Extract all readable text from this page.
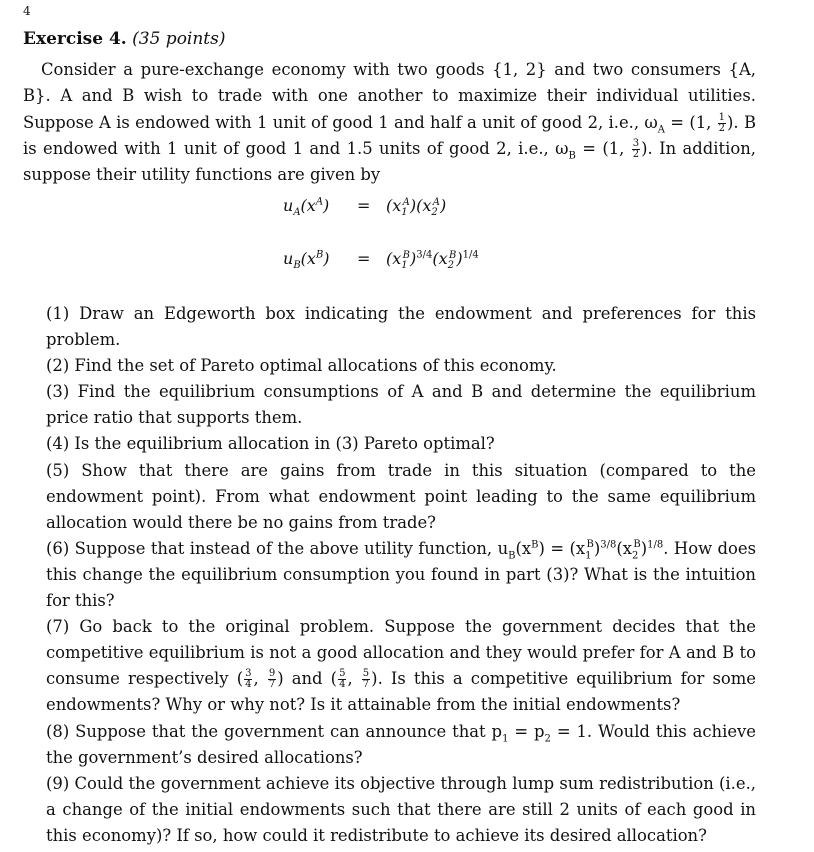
4
Exercise 4. (35 points)
Consider a pure-exchange economy with two goods {1, 2} and two consumers {A, B}. A and B wish to trade with one another to maximize their individual utilities. Suppose A is endowed with 1 unit of good 1 and half a unit of good 2, i.e., $\omega_A = (1$, $\frac{1}{2}$ ). B is endowed with 1 unit of good 1 and 1.5 units of good 2, i.e., $\omega_B = (1$, $\frac{3}{2}$ ). In addition, suppose their utility functions are given by
$u_A(x^A) = (x_1^A)(x_2^A)$
$u_B(x^B) = (x_1^B)^{3/4}(x_2^B)^{1/4}$

(1) Draw an Edgeworth box indicating the endowment and preferences for this problem.

(2) Find the set of Pareto optimal allocations of this economy.

(3) Find the equilibrium consumptions of A and B and determine the equilibrium price ratio that supports them.

(4) Is the equilibrium allocation in (3) Pareto optimal?

(5) Show that there are gains from trade in this situation (compared to the endowment point). From what endowment point leading to the same equilibrium allocation would there be no gains from trade?

(6) Suppose that instead of the above utility function, $u_B(x^B) = (x_1^B)^{3/8}(x_2^B)^{1/8}$. How does this change the equilibrium consumption you found in part (3)? What is the intuition for this?

(7) Go back to the original problem. Suppose the government decides that the competitive equilibrium is not a good allocation and they would prefer for A and B to consume respectively ( $\frac{3}{4}$ , $\frac{9}{7}$ ) and ( $\frac{5}{4}$ , $\frac{5}{7}$ ). Is this a competitive equilibrium for some endowments? Why or why not? Is it attainable from the initial endowments?

(8) Suppose that the government can announce that $p_1 = p_2 = 1$. Would this achieve the government’s desired allocations?

(9) Could the government achieve its objective through lump sum redistribution (i.e., a change of the initial endowments such that there are still 2 units of each good in this economy)? If so, how could it redistribute to achieve its desired allocation?
